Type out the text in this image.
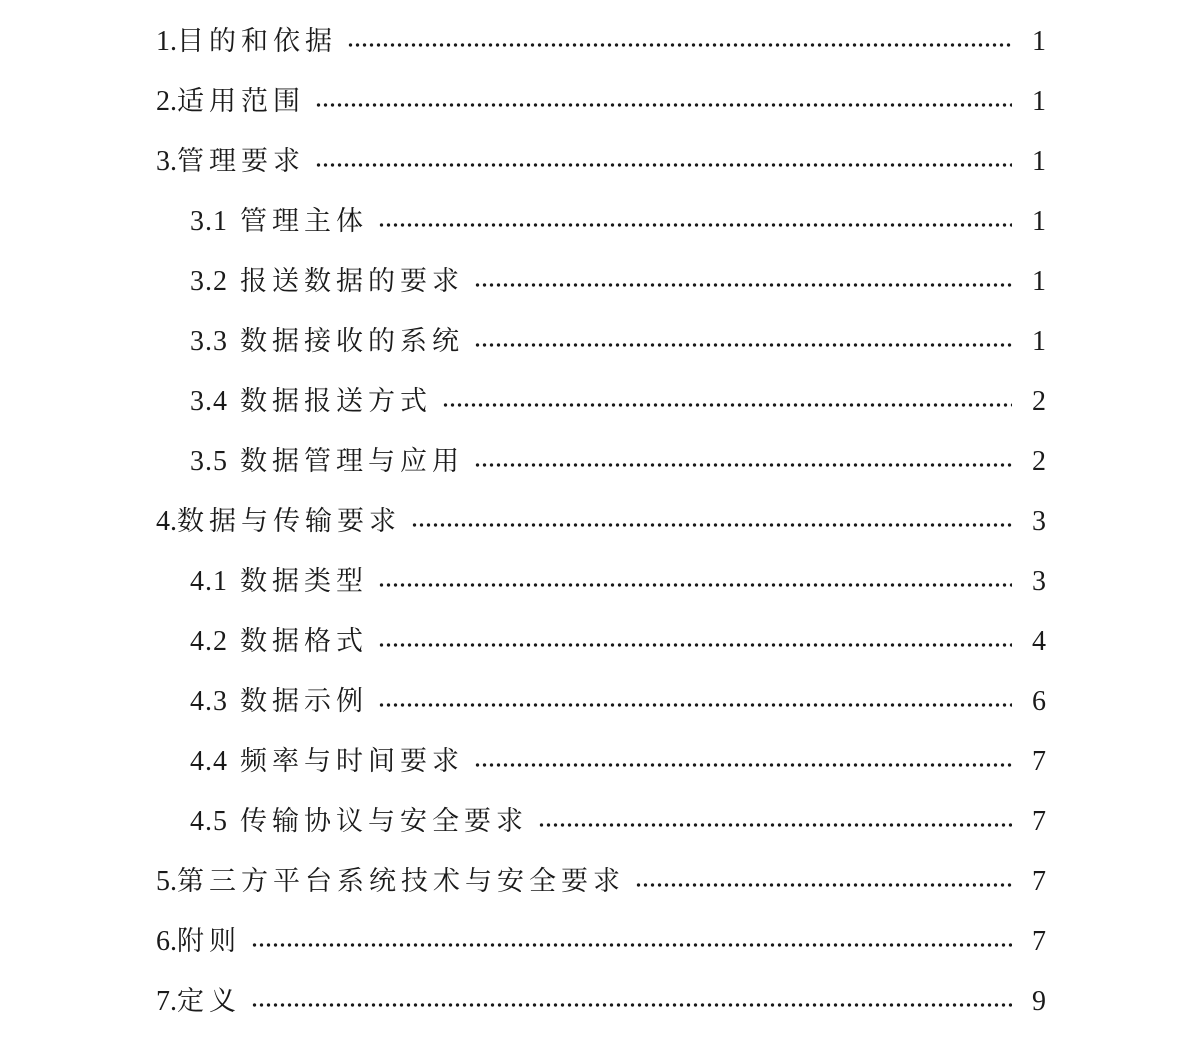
1.目的和依据	1
2.适用范围	1
3.管理要求	1
3.1 管理主体	1
3.2 报送数据的要求	1
3.3 数据接收的系统	1
3.4 数据报送方式	2
3.5 数据管理与应用	2
4.数据与传输要求	3
4.1 数据类型	3
4.2 数据格式	4
4.3 数据示例	6
4.4 频率与时间要求	7
4.5 传输协议与安全要求	7
5.第三方平台系统技术与安全要求	7
6.附则	7
7.定义	9
